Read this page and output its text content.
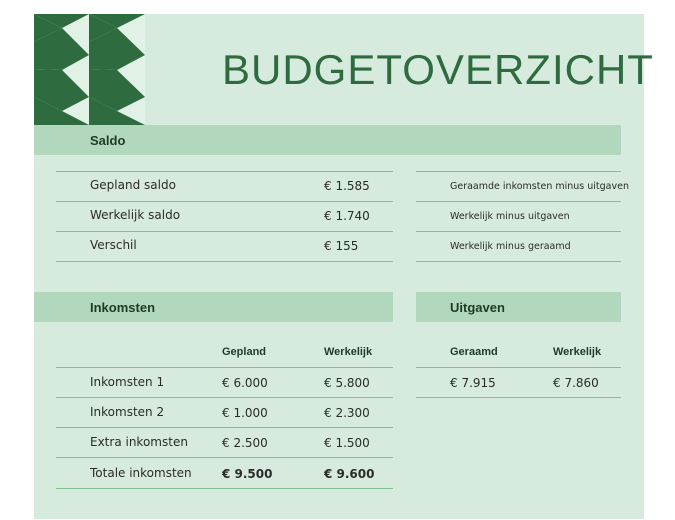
BUDGETOVERZICHT
Saldo
Gepland saldo	€ 1.585	Geraamde inkomsten minus uitgaven
Werkelijk saldo	€ 1.740	Werkelijk minus uitgaven
Verschil	€ 155	Werkelijk minus geraamd
Inkomsten	Uitgaven
Gepland	Werkelijk
Inkomsten 1	€ 6.000	€ 5.800
Inkomsten 2	€ 1.000	€ 2.300
Extra inkomsten	€ 2.500	€ 1.500
Totale inkomsten	€ 9.500	€ 9.600
Geraamd	Werkelijk
€ 7.915	€ 7.860
